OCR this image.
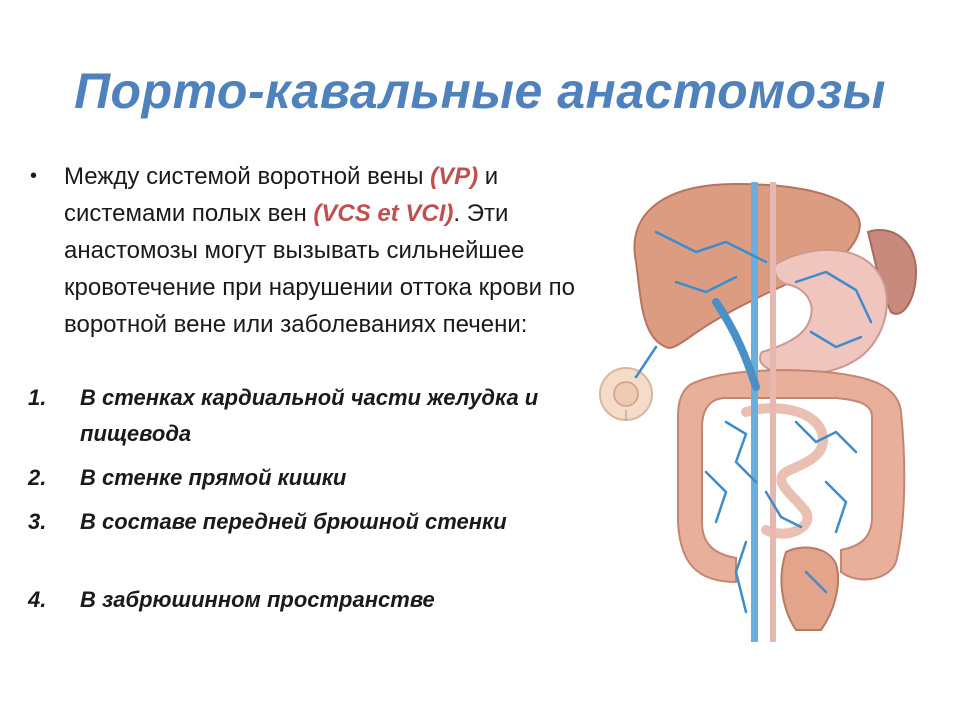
Порто-кавальные анастомозы
• Между системой воротной вены (VP) и системами полых вен (VCS et VCI). Эти анастомозы могут вызывать сильнейшее кровотечение при нарушении оттока крови по воротной вене или заболеваниях печени:
1. В стенках кардиальной части желудка и пищевода
2. В стенке прямой кишки
3. В составе передней брюшной стенки
4. В забрюшинном пространстве
